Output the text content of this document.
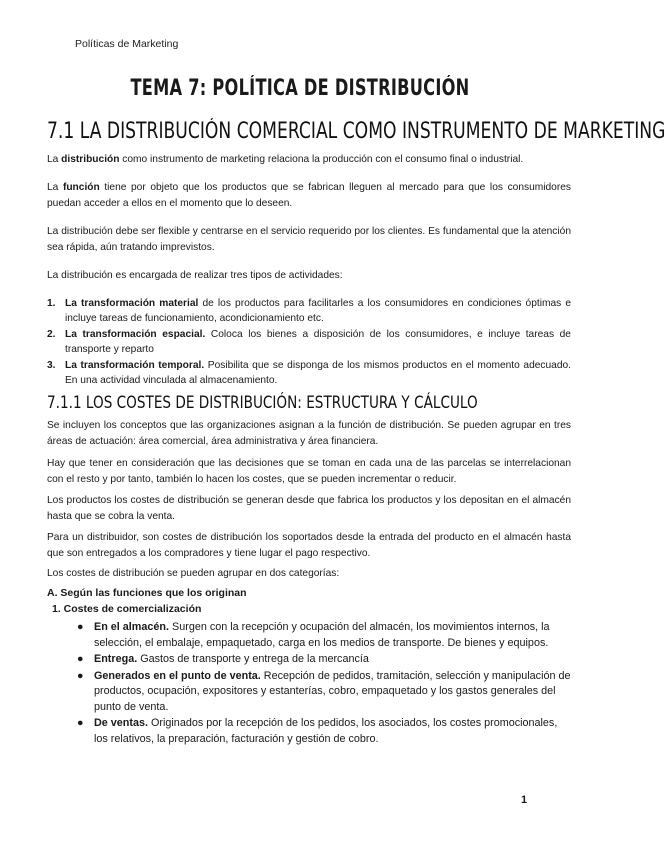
Políticas de Marketing
TEMA 7: POLÍTICA DE DISTRIBUCIÓN
7.1 LA DISTRIBUCIÓN COMERCIAL COMO INSTRUMENTO DE MARKETING
La distribución como instrumento de marketing relaciona la producción con el consumo final o industrial.
La función tiene por objeto que los productos que se fabrican lleguen al mercado para que los consumidores puedan acceder a ellos en el momento que lo deseen.
La distribución debe ser flexible y centrarse en el servicio requerido por los clientes. Es fundamental que la atención sea rápida, aún tratando imprevistos.
La distribución es encargada de realizar tres tipos de actividades:
1. La transformación material de los productos para facilitarles a los consumidores en condiciones óptimas e incluye tareas de funcionamiento, acondicionamiento etc.
2. La transformación espacial. Coloca los bienes a disposición de los consumidores, e incluye tareas de transporte y reparto
3. La transformación temporal. Posibilita que se disponga de los mismos productos en el momento adecuado. En una actividad vinculada al almacenamiento.
7.1.1 LOS COSTES DE DISTRIBUCIÓN: ESTRUCTURA Y CÁLCULO
Se incluyen los conceptos que las organizaciones asignan a la función de distribución. Se pueden agrupar en tres áreas de actuación: área comercial, área administrativa y área financiera.
Hay que tener en consideración que las decisiones que se toman en cada una de las parcelas se interrelacionan con el resto y por tanto, también lo hacen los costes, que se pueden incrementar o reducir.
Los productos los costes de distribución se generan desde que fabrica los productos y los depositan en el almacén hasta que se cobra la venta.
Para un distribuidor, son costes de distribución los soportados desde la entrada del producto en el almacén hasta que son entregados a los compradores y tiene lugar el pago respectivo.
Los costes de distribución se pueden agrupar en dos categorías:
A. Según las funciones que los originan
1. Costes de comercialización
● En el almacén. Surgen con la recepción y ocupación del almacén, los movimientos internos, la selección, el embalaje, empaquetado, carga en los medios de transporte. De bienes y equipos.
● Entrega. Gastos de transporte y entrega de la mercancía
● Generados en el punto de venta. Recepción de pedidos, tramitación, selección y manipulación de productos, ocupación, expositores y estanterías, cobro, empaquetado y los gastos generales del punto de venta.
● De ventas. Originados por la recepción de los pedidos, los asociados, los costes promocionales, los relativos, la preparación, facturación y gestión de cobro.
1
